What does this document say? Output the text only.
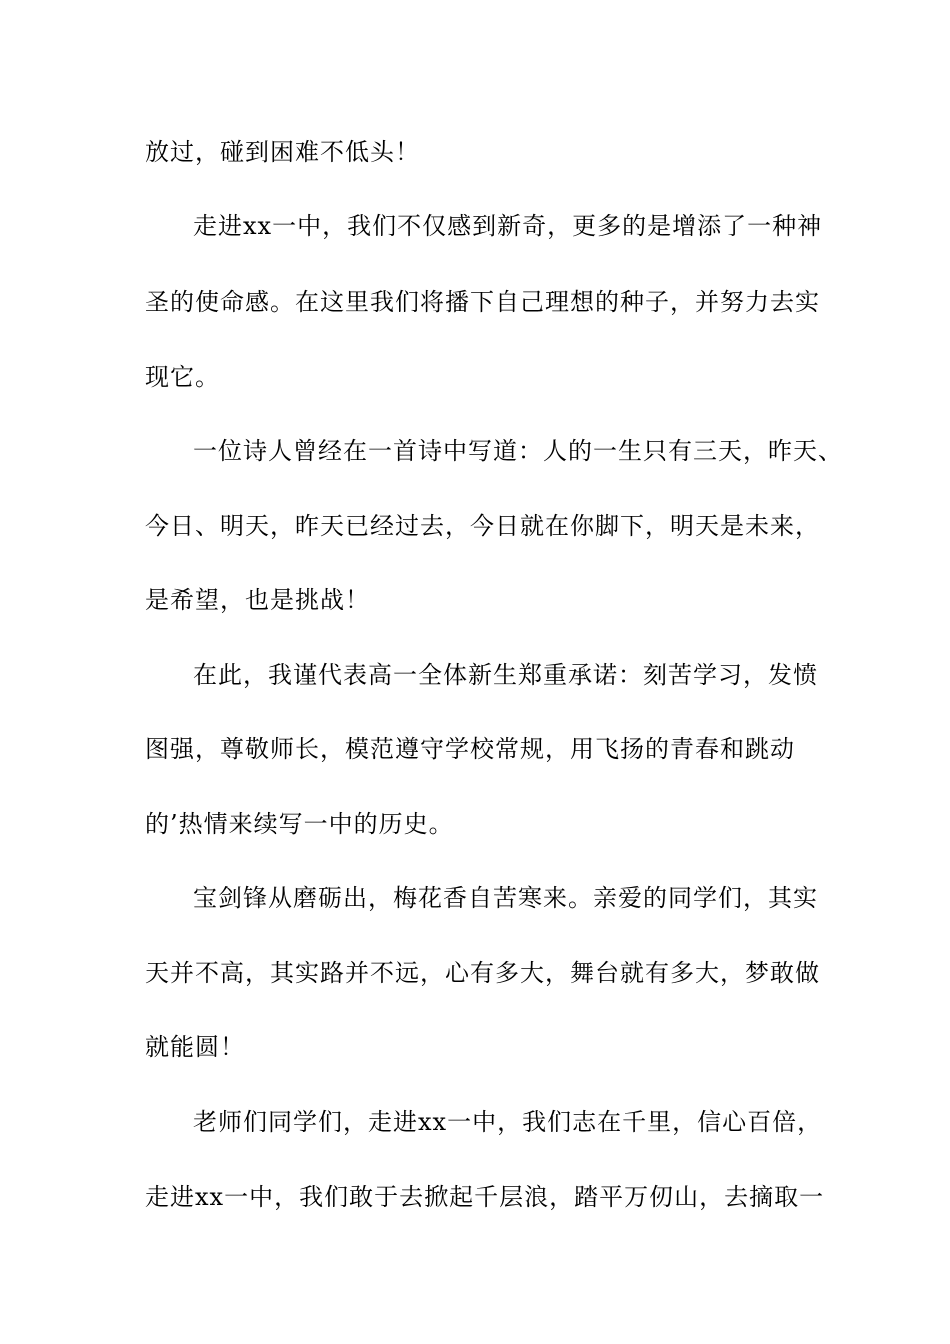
放过，碰到困难不低头！
走进xx一中，我们不仅感到新奇，更多的是增添了一种神
圣的使命感。在这里我们将播下自己理想的种子，并努力去实
现它。
一位诗人曾经在一首诗中写道：人的一生只有三天，昨天、
今日、明天，昨天已经过去，今日就在你脚下，明天是未来，
是希望，也是挑战！
在此，我谨代表高一全体新生郑重承诺：刻苦学习，发愤
图强，尊敬师长，模范遵守学校常规，用飞扬的青春和跳动
的’热情来续写一中的历史。
宝剑锋从磨砺出，梅花香自苦寒来。亲爱的同学们，其实
天并不高，其实路并不远，心有多大，舞台就有多大，梦敢做
就能圆！
老师们同学们，走进xx一中，我们志在千里，信心百倍，
走进xx一中，我们敢于去掀起千层浪，踏平万仞山，去摘取一
